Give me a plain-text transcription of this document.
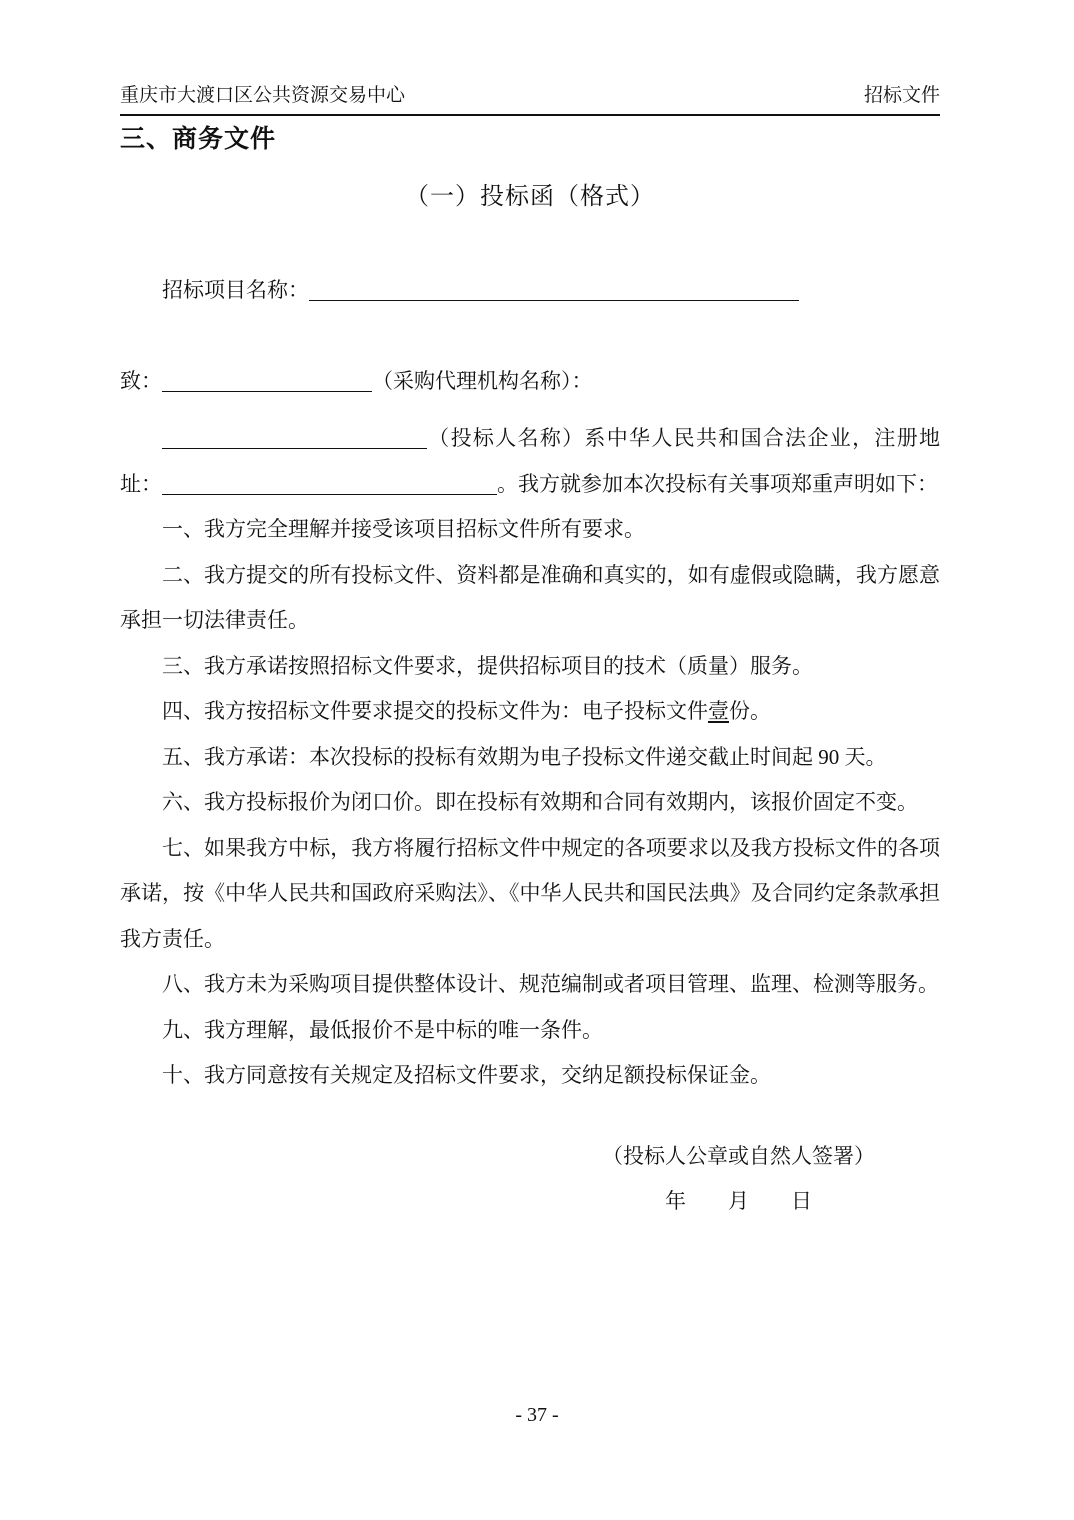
重庆市大渡口区公共资源交易中心	招标文件
三、商务文件
（一）投标函（格式）
招标项目名称：
致：	（采购代理机构名称）：

（投标人名称）系中华人民共和国合法企业，注册地址：	。我方就参加本次投标有关事项郑重声明如下：

一、我方完全理解并接受该项目招标文件所有要求。

二、我方提交的所有投标文件、资料都是准确和真实的，如有虚假或隐瞒，我方愿意承担一切法律责任。

三、我方承诺按照招标文件要求，提供招标项目的技术（质量）服务。

四、我方按招标文件要求提交的投标文件为：电子投标文件壹份。

五、我方承诺：本次投标的投标有效期为电子投标文件递交截止时间起 90 天。

六、我方投标报价为闭口价。即在投标有效期和合同有效期内，该报价固定不变。

七、如果我方中标，我方将履行招标文件中规定的各项要求以及我方投标文件的各项承诺，按《中华人民共和国政府采购法》、《中华人民共和国民法典》及合同约定条款承担我方责任。

八、我方未为采购项目提供整体设计、规范编制或者项目管理、监理、检测等服务。

九、我方理解，最低报价不是中标的唯一条件。

十、我方同意按有关规定及招标文件要求，交纳足额投标保证金。

（投标人公章或自然人签署）
年　　月　　日
- 37 -
